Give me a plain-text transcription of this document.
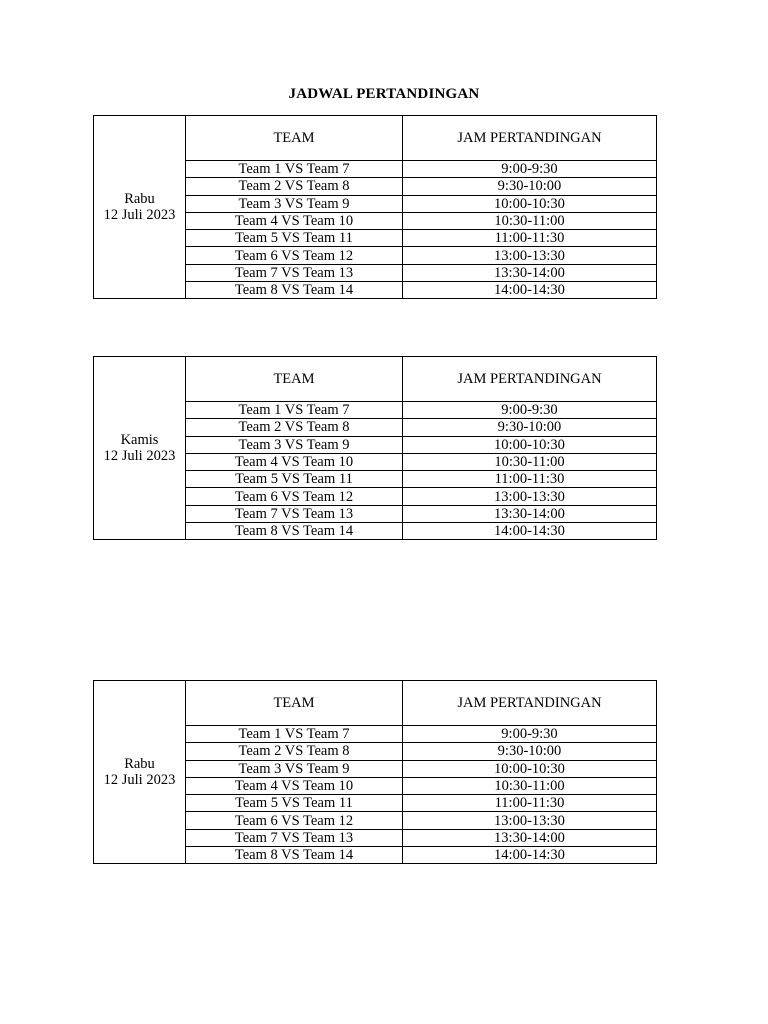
JADWAL PERTANDINGAN
Rabu
12 Juli 2023	TEAM	JAM PERTANDINGAN
	Team 1 VS Team 7	9:00-9:30
	Team 2 VS Team 8	9:30-10:00
	Team 3 VS Team 9	10:00-10:30
	Team 4 VS Team 10	10:30-11:00
	Team 5 VS Team 11	11:00-11:30
	Team 6 VS Team 12	13:00-13:30
	Team 7 VS Team 13	13:30-14:00
	Team 8 VS Team 14	14:00-14:30
Kamis
12 Juli 2023	TEAM	JAM PERTANDINGAN
	Team 1 VS Team 7	9:00-9:30
	Team 2 VS Team 8	9:30-10:00
	Team 3 VS Team 9	10:00-10:30
	Team 4 VS Team 10	10:30-11:00
	Team 5 VS Team 11	11:00-11:30
	Team 6 VS Team 12	13:00-13:30
	Team 7 VS Team 13	13:30-14:00
	Team 8 VS Team 14	14:00-14:30
Rabu
12 Juli 2023	TEAM	JAM PERTANDINGAN
	Team 1 VS Team 7	9:00-9:30
	Team 2 VS Team 8	9:30-10:00
	Team 3 VS Team 9	10:00-10:30
	Team 4 VS Team 10	10:30-11:00
	Team 5 VS Team 11	11:00-11:30
	Team 6 VS Team 12	13:00-13:30
	Team 7 VS Team 13	13:30-14:00
	Team 8 VS Team 14	14:00-14:30
